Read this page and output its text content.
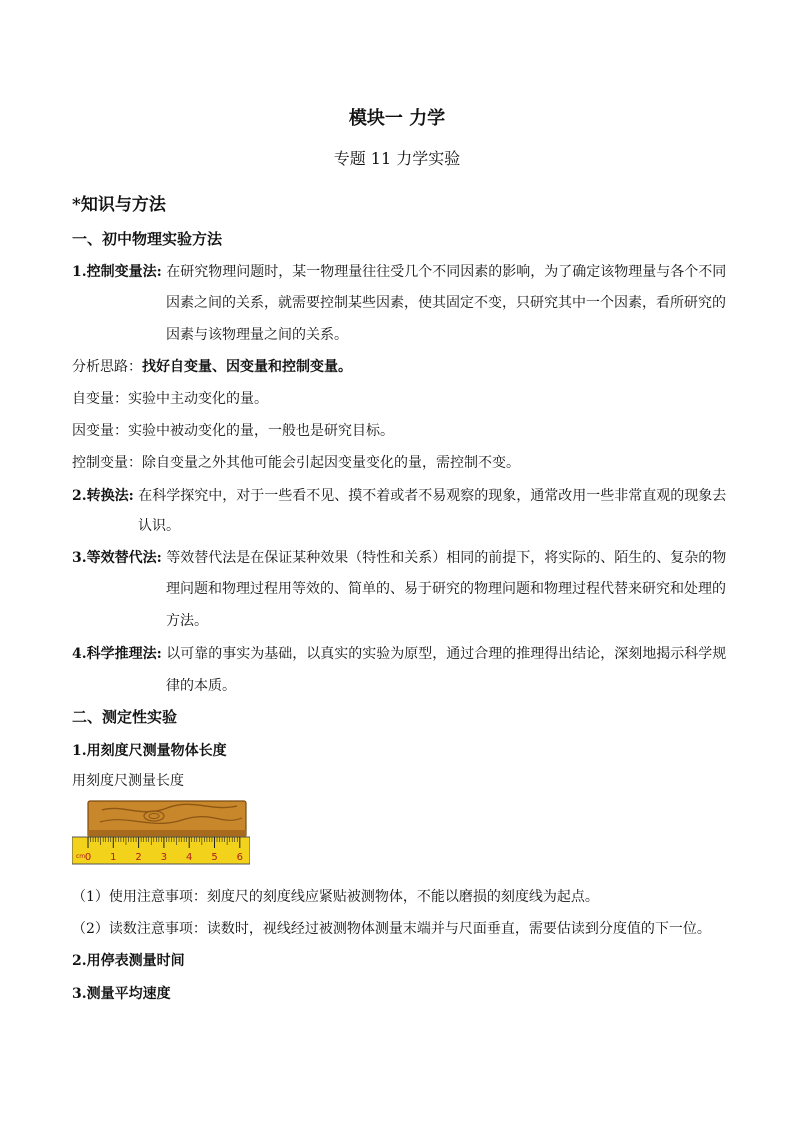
模块一 力学
专题 11 力学实验
*知识与方法
一、初中物理实验方法
1.控制变量法: 在研究物理问题时，某一物理量往往受几个不同因素的影响，为了确定该物理量与各个不同
因素之间的关系，就需要控制某些因素，使其固定不变，只研究其中一个因素，看所研究的
因素与该物理量之间的关系。
分析思路：找好自变量、因变量和控制变量。
自变量：实验中主动变化的量。
因变量：实验中被动变化的量，一般也是研究目标。
控制变量：除自变量之外其他可能会引起因变量变化的量，需控制不变。
2.转换法: 在科学探究中，对于一些看不见、摸不着或者不易观察的现象，通常改用一些非常直观的现象去
认识。
3.等效替代法: 等效替代法是在保证某种效果（特性和关系）相同的前提下，将实际的、陌生的、复杂的物
理问题和物理过程用等效的、简单的、易于研究的物理问题和物理过程代替来研究和处理的
方法。
4.科学推理法: 以可靠的事实为基础，以真实的实验为原型，通过合理的推理得出结论，深刻地揭示科学规
律的本质。
二、测定性实验
1.用刻度尺测量物体长度
用刻度尺测量长度
cm 0 1 2 3 4 5 6
（1）使用注意事项：刻度尺的刻度线应紧贴被测物体，不能以磨损的刻度线为起点。
（2）读数注意事项：读数时，视线经过被测物体测量末端并与尺面垂直，需要估读到分度值的下一位。
2.用停表测量时间
3.测量平均速度
